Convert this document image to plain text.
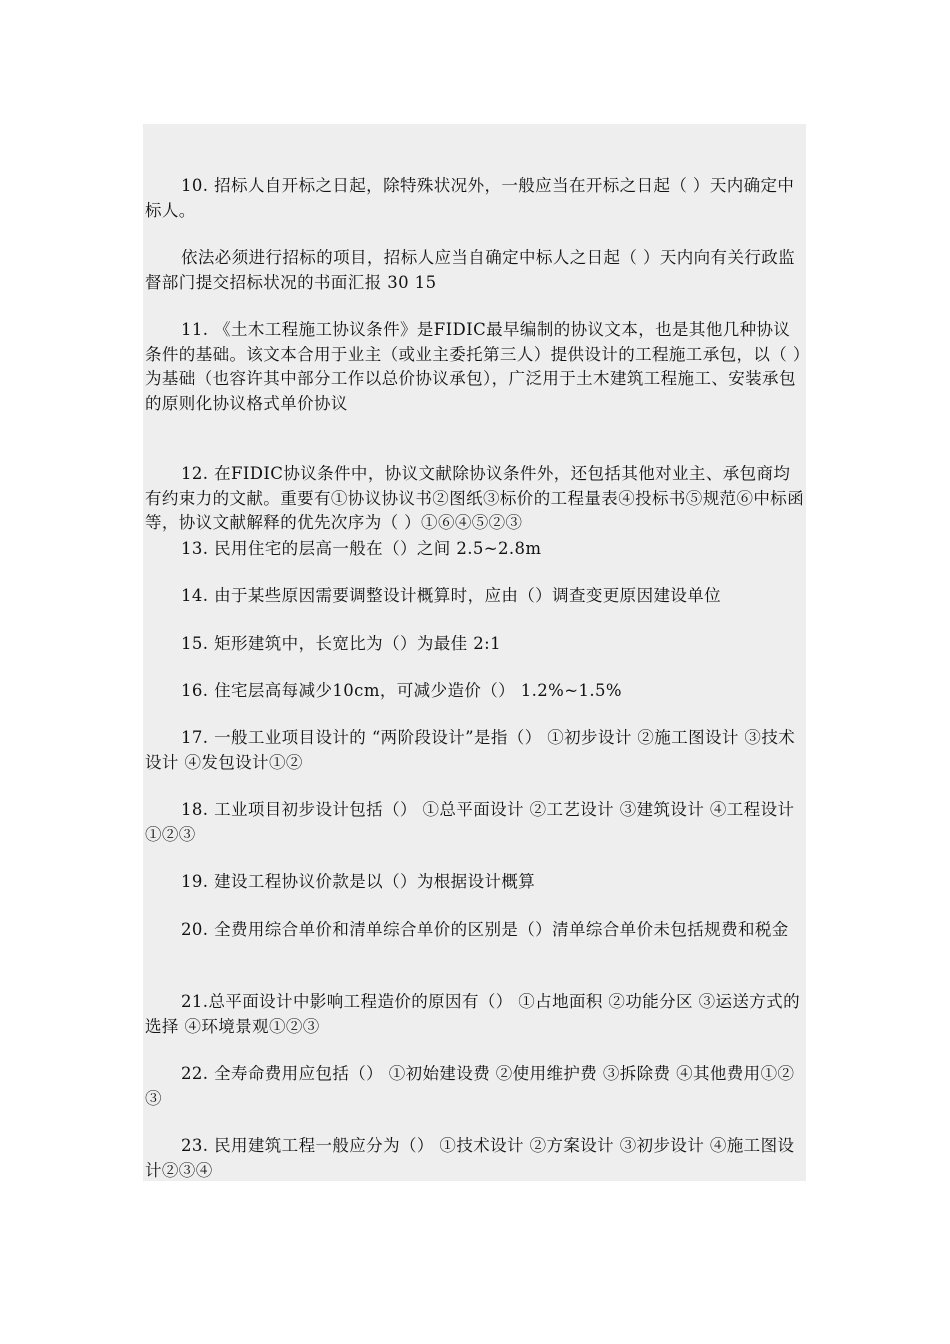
10. 招标人自开标之日起，除特殊状况外，一般应当在开标之日起（ ）天内确定中标人。

依法必须进行招标的项目，招标人应当自确定中标人之日起（ ）天内向有关行政监督部门提交招标状况的书面汇报 30 15

11. 《土木工程施工协议条件》是FIDIC最早编制的协议文本，也是其他几种协议条件的基础。该文本合用于业主（或业主委托第三人）提供设计的工程施工承包，以（ ）为基础（也容许其中部分工作以总价协议承包），广泛用于土木建筑工程施工、安装承包的原则化协议格式单价协议

12. 在FIDIC协议条件中，协议文献除协议条件外，还包括其他对业主、承包商均有约束力的文献。重要有①协议协议书②图纸③标价的工程量表④投标书⑤规范⑥中标函等，协议文献解释的优先次序为（ ）①⑥④⑤②③

13. 民用住宅的层高一般在（）之间 2.5~2.8m

14. 由于某些原因需要调整设计概算时，应由（）调查变更原因建设单位

15. 矩形建筑中，长宽比为（）为最佳 2:1

16. 住宅层高每减少10cm，可减少造价（） 1.2%~1.5%

17. 一般工业项目设计的 “两阶段设计”是指（） ①初步设计 ②施工图设计 ③技术设计 ④发包设计①②

18. 工业项目初步设计包括（） ①总平面设计 ②工艺设计 ③建筑设计 ④工程设计①②③

19. 建设工程协议价款是以（）为根据设计概算

20. 全费用综合单价和清单综合单价的区别是（）清单综合单价未包括规费和税金

21.总平面设计中影响工程造价的原因有（） ①占地面积 ②功能分区 ③运送方式的选择 ④环境景观①②③

22. 全寿命费用应包括（） ①初始建设费 ②使用维护费 ③拆除费 ④其他费用①②③

23. 民用建筑工程一般应分为（） ①技术设计 ②方案设计 ③初步设计 ④施工图设计②③④
